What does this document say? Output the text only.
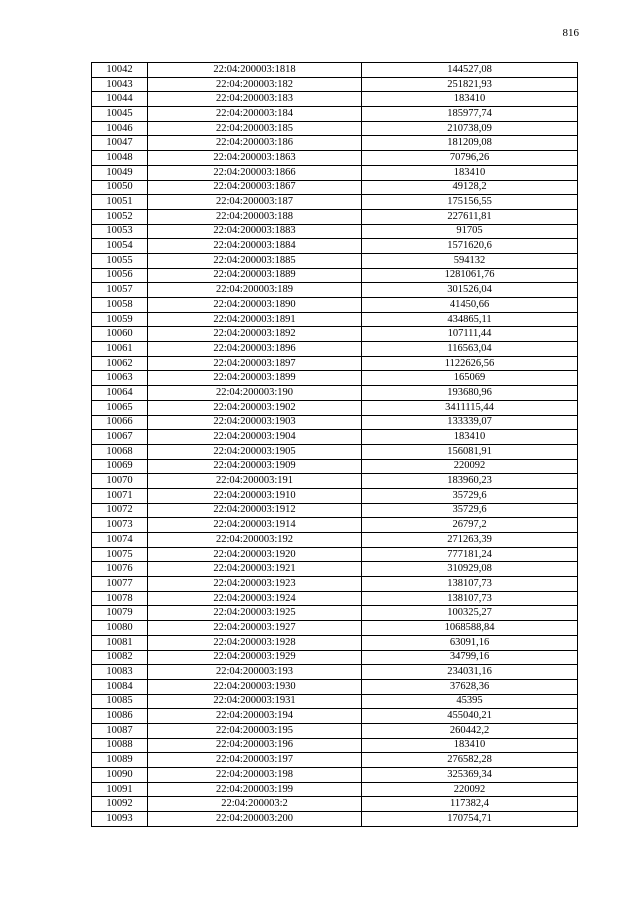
816
10042	22:04:200003:1818	144527,08
10043	22:04:200003:182	251821,93
10044	22:04:200003:183	183410
10045	22:04:200003:184	185977,74
10046	22:04:200003:185	210738,09
10047	22:04:200003:186	181209,08
10048	22:04:200003:1863	70796,26
10049	22:04:200003:1866	183410
10050	22:04:200003:1867	49128,2
10051	22:04:200003:187	175156,55
10052	22:04:200003:188	227611,81
10053	22:04:200003:1883	91705
10054	22:04:200003:1884	1571620,6
10055	22:04:200003:1885	594132
10056	22:04:200003:1889	1281061,76
10057	22:04:200003:189	301526,04
10058	22:04:200003:1890	41450,66
10059	22:04:200003:1891	434865,11
10060	22:04:200003:1892	107111,44
10061	22:04:200003:1896	116563,04
10062	22:04:200003:1897	1122626,56
10063	22:04:200003:1899	165069
10064	22:04:200003:190	193680,96
10065	22:04:200003:1902	3411115,44
10066	22:04:200003:1903	133339,07
10067	22:04:200003:1904	183410
10068	22:04:200003:1905	156081,91
10069	22:04:200003:1909	220092
10070	22:04:200003:191	183960,23
10071	22:04:200003:1910	35729,6
10072	22:04:200003:1912	35729,6
10073	22:04:200003:1914	26797,2
10074	22:04:200003:192	271263,39
10075	22:04:200003:1920	777181,24
10076	22:04:200003:1921	310929,08
10077	22:04:200003:1923	138107,73
10078	22:04:200003:1924	138107,73
10079	22:04:200003:1925	100325,27
10080	22:04:200003:1927	1068588,84
10081	22:04:200003:1928	63091,16
10082	22:04:200003:1929	34799,16
10083	22:04:200003:193	234031,16
10084	22:04:200003:1930	37628,36
10085	22:04:200003:1931	45395
10086	22:04:200003:194	455040,21
10087	22:04:200003:195	260442,2
10088	22:04:200003:196	183410
10089	22:04:200003:197	276582,28
10090	22:04:200003:198	325369,34
10091	22:04:200003:199	220092
10092	22:04:200003:2	117382,4
10093	22:04:200003:200	170754,71
